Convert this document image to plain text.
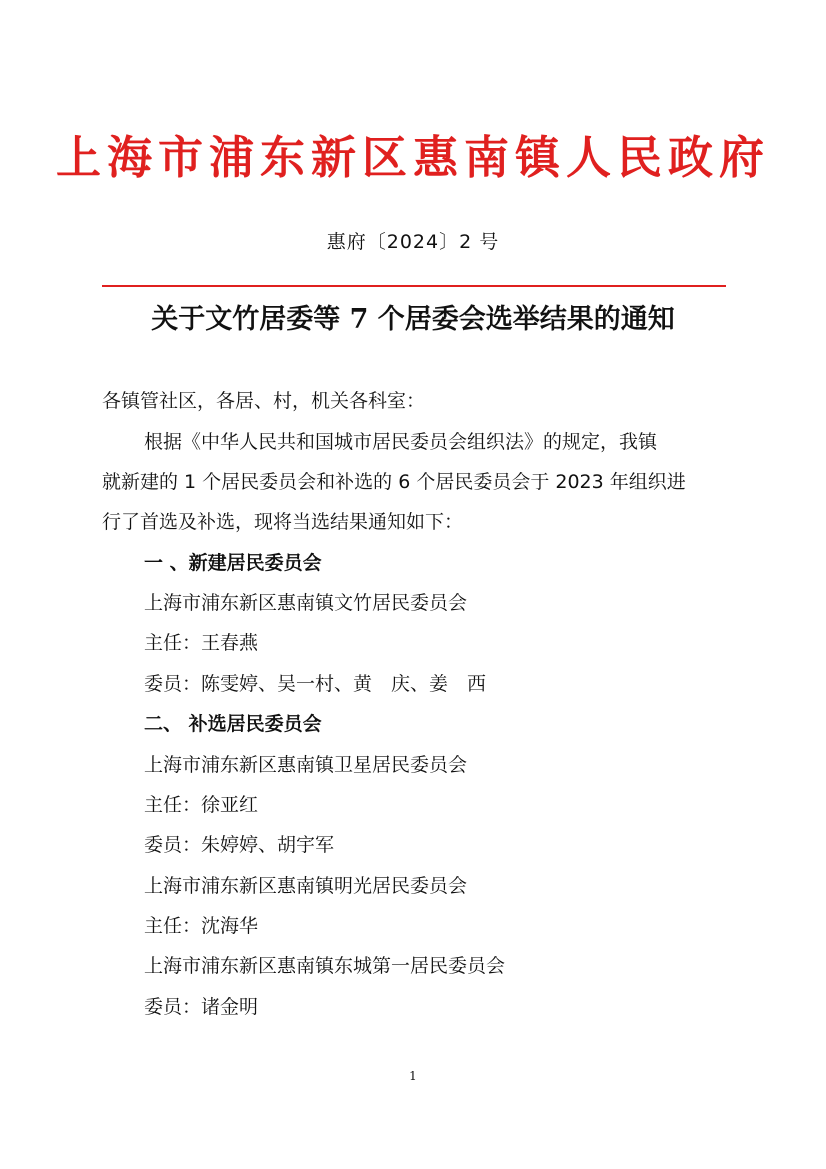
上海市浦东新区惠南镇人民政府
惠府〔2024〕2 号
关于文竹居委等 7 个居委会选举结果的通知
各镇管社区，各居、村，机关各科室：
根据《中华人民共和国城市居民委员会组织法》的规定，我镇
就新建的 1 个居民委员会和补选的 6 个居民委员会于 2023 年组织进
行了首选及补选，现将当选结果通知如下：
一 、新建居民委员会
上海市浦东新区惠南镇文竹居民委员会
主任：王春燕
委员：陈雯婷、吴一村、黄　庆、姜　西
二、 补选居民委员会
上海市浦东新区惠南镇卫星居民委员会
主任：徐亚红
委员：朱婷婷、胡宇军
上海市浦东新区惠南镇明光居民委员会
主任：沈海华
上海市浦东新区惠南镇东城第一居民委员会
委员：诸金明
1
